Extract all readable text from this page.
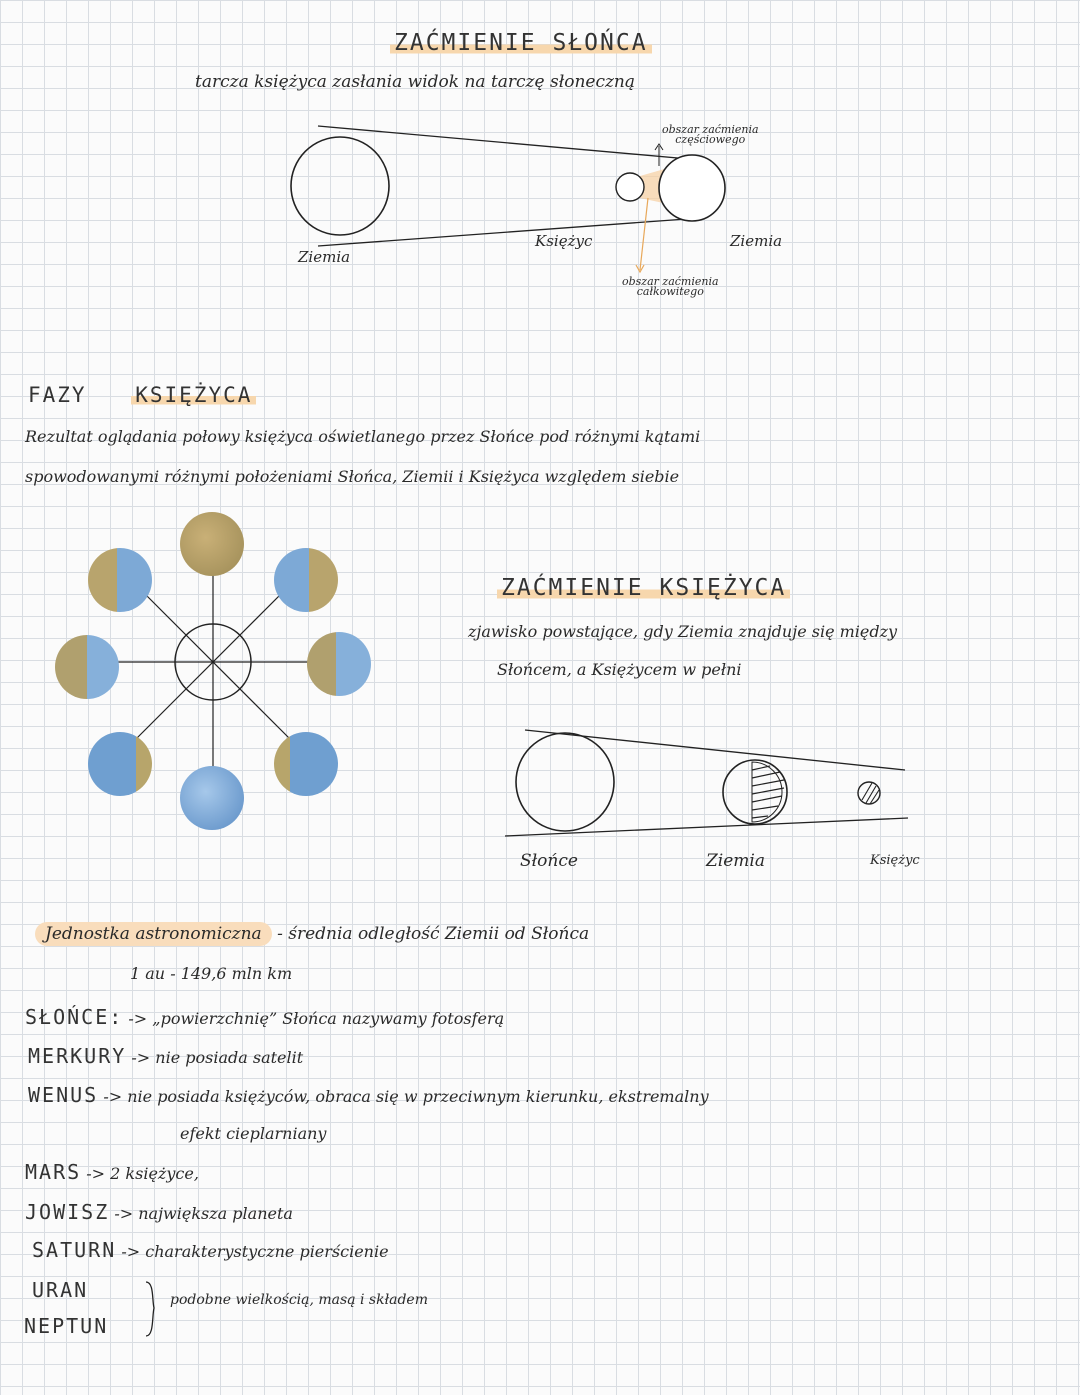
ZAĆMIENIE SŁOŃCA
tarcza księżyca zasłania widok na tarczę słoneczną
obszar zaćmienia
częściowego
Księżyc	Ziemia
Ziemia
obszar zaćmienia
całkowitego
FAZY KSIĘŻYCA
Rezultat oglądania połowy księżyca oświetlanego przez Słońce pod różnymi kątami
spowodowanymi różnymi położeniami Słońca, Ziemii i Księżyca względem siebie
ZAĆMIENIE KSIĘŻYCA
zjawisko powstające, gdy Ziemia znajduje się między
Słońcem, a Księżycem w pełni
Słońce	Ziemia	Księżyc
Jednostka astronomiczna - średnia odległość Ziemii od Słońca
1 au - 149,6 mln km
SŁOŃCE: -> „powierzchnię” Słońca nazywamy fotosferą
MERKURY -> nie posiada satelit
WENUS -> nie posiada księżyców, obraca się w przeciwnym kierunku, ekstremalny
efekt cieplarniany
MARS -> 2 księżyce,
JOWISZ -> największa planeta
SATURN -> charakterystyczne pierścienie
URAN
NEPTUN
podobne wielkością, masą i składem
